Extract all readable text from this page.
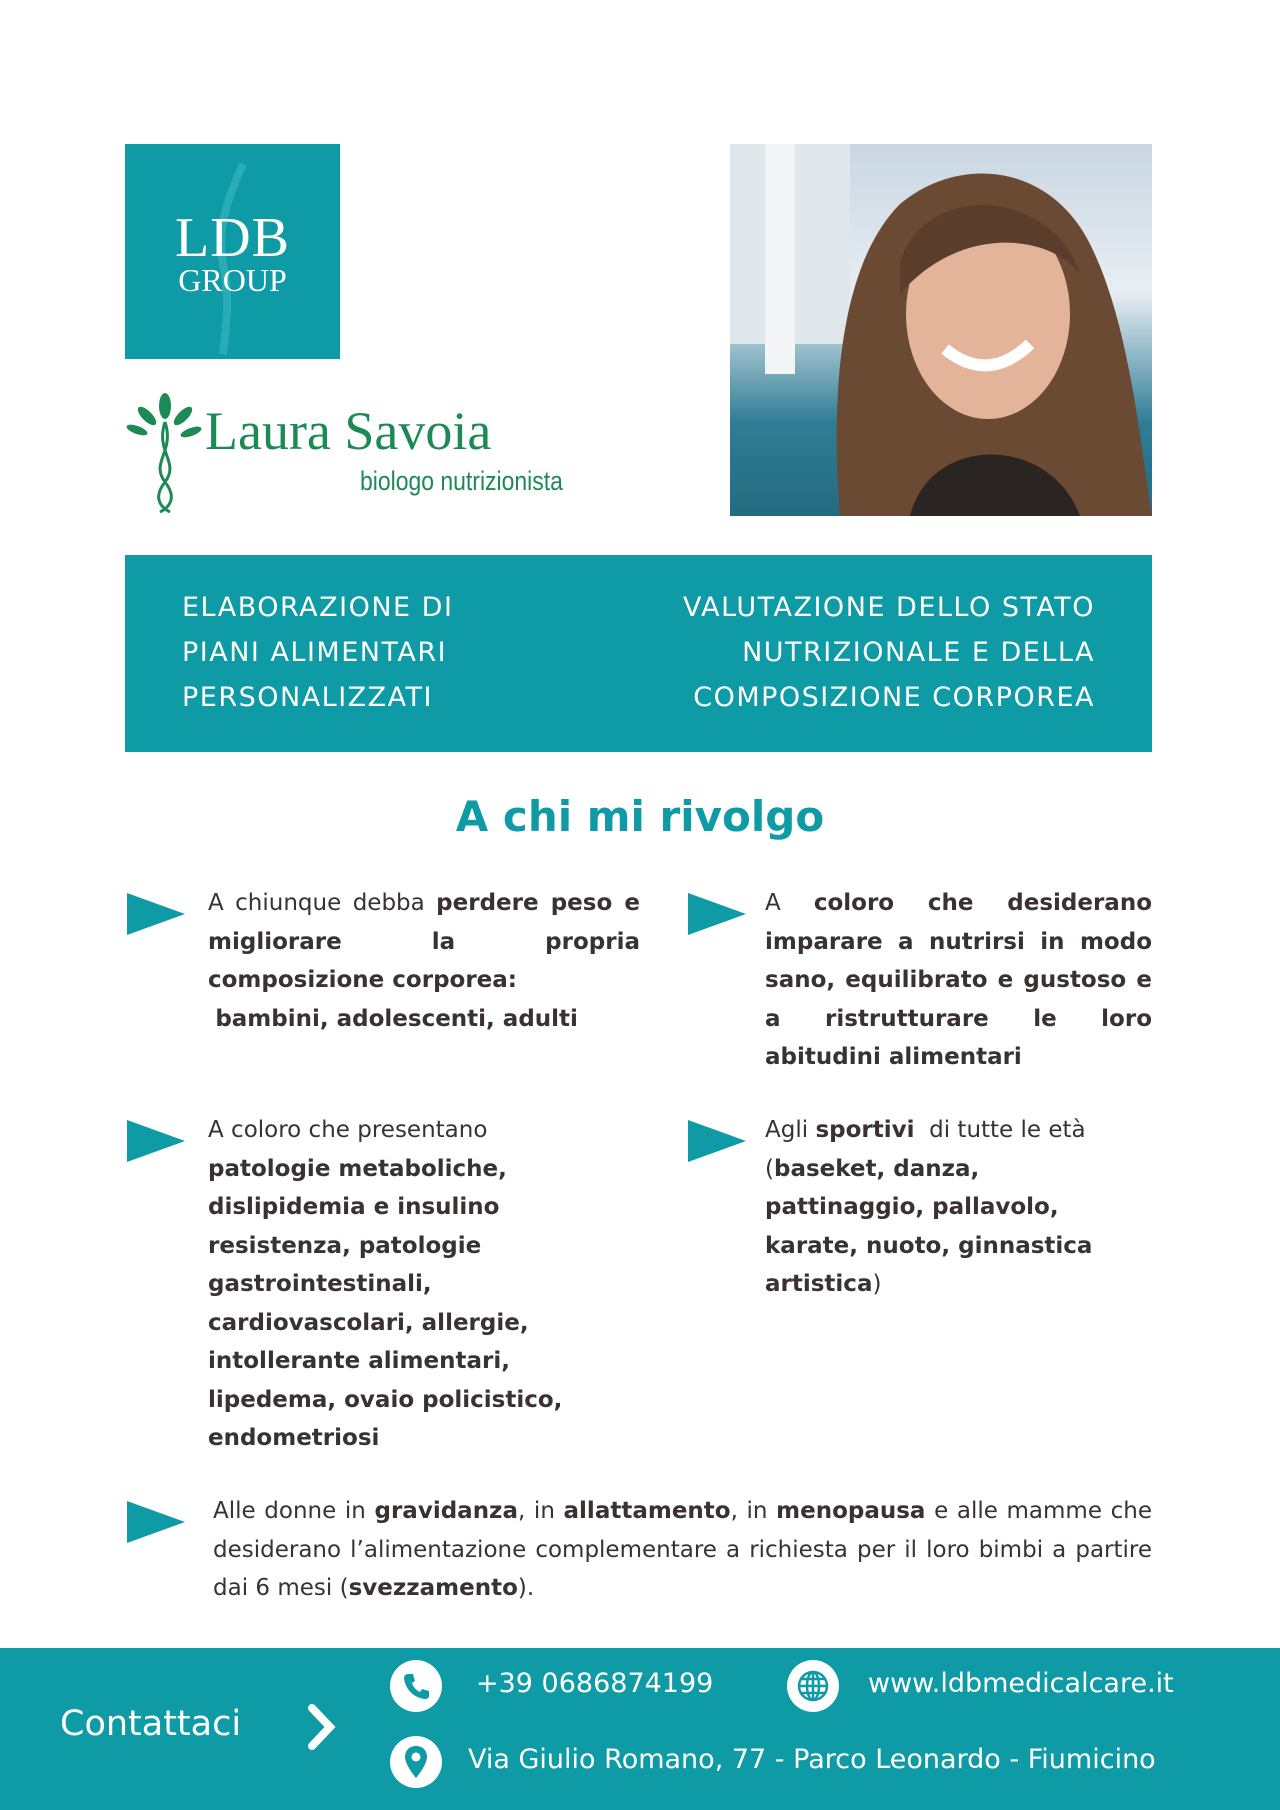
LDB
GROUP
Laura Savoia
biologo nutrizionista
ELABORAZIONE DI
PIANI ALIMENTARI
PERSONALIZZATI
VALUTAZIONE DELLO STATO
NUTRIZIONALE E DELLA
COMPOSIZIONE CORPOREA
A chi mi rivolgo
A chiunque debba perdere peso e migliorare la propria composizione corporea:
bambini, adolescenti, adulti
A coloro che desiderano imparare a nutrirsi in modo sano, equilibrato e gustoso e a ristrutturare le loro abitudini alimentari
A coloro che presentano patologie metaboliche, dislipidemia e insulino resistenza, patologie gastrointestinali, cardiovascolari, allergie, intollerante alimentari, lipedema, ovaio policistico, endometriosi
Agli sportivi  di tutte le età (baseket, danza, pattinaggio, pallavolo, karate, nuoto, ginnastica artistica)
Alle donne in gravidanza, in allattamento, in menopausa e alle mamme che desiderano l’alimentazione complementare a richiesta per il loro bimbi a partire dai 6 mesi (svezzamento).
Contattaci
+39 0686874199	www.ldbmedicalcare.it
Via Giulio Romano, 77 - Parco Leonardo - Fiumicino
